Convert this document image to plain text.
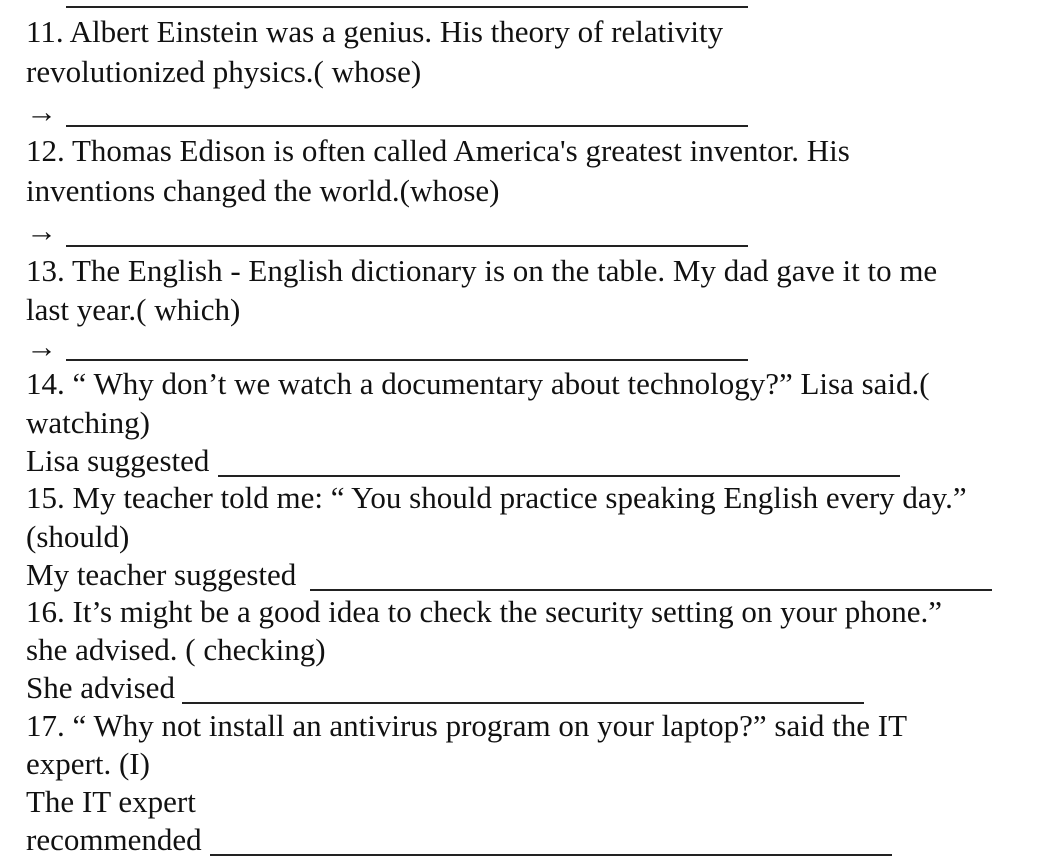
11. Albert Einstein was a genius. His theory of relativity
revolutionized physics.( whose)
→
12. Thomas Edison is often called America's greatest inventor. His
inventions changed the world.(whose)
→
13. The English - English dictionary is on the table. My dad gave it to me
last year.( which)
→
14. “ Why don’t we watch a documentary about technology?” Lisa said.(
watching)
Lisa suggested
15. My teacher told me: “ You should practice speaking English every day.”
(should)
My teacher suggested
16. It’s might be a good idea to check the security setting on your phone.”
she advised. ( checking)
She advised
17. “ Why not install an antivirus program on your laptop?” said the IT
expert. (I)
The IT expert
recommended
